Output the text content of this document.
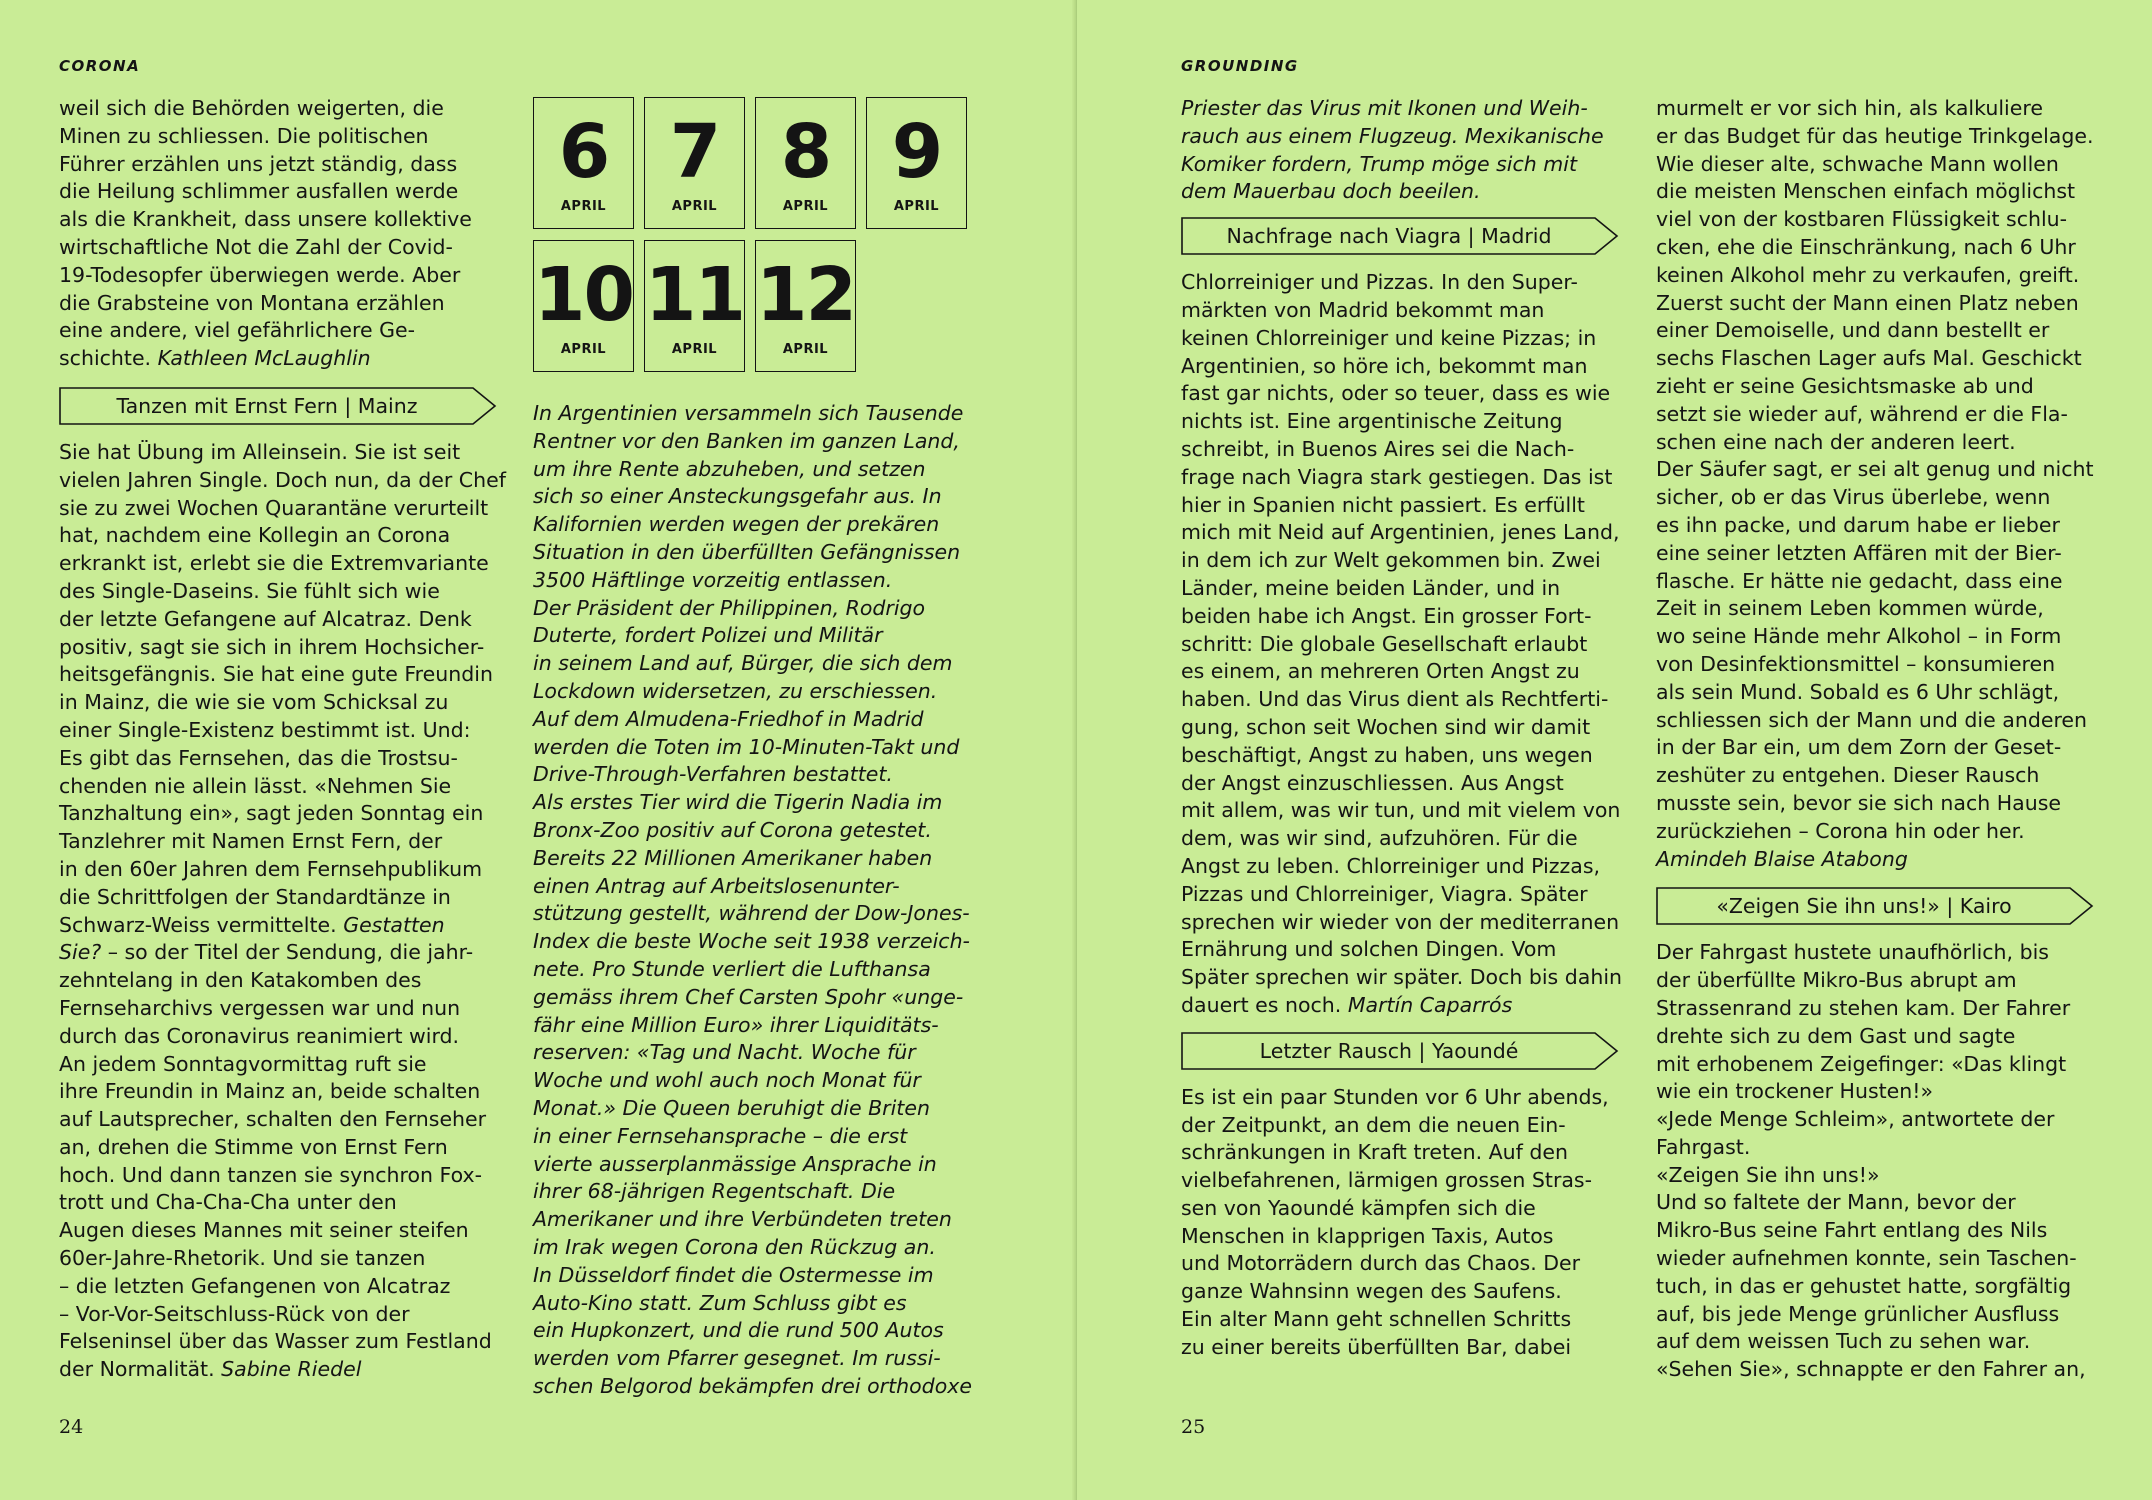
CORONA
weil sich die Behörden weigerten, die
Minen zu schliessen. Die politischen
Führer erzählen uns jetzt ständig, dass
die Heilung schlimmer ausfallen werde
als die Krankheit, dass unsere kollektive
wirtschaftliche Not die Zahl der Covid-
19-Todesopfer überwiegen werde. Aber
die Grabsteine von Montana erzählen
eine andere, viel gefährlichere Ge-
schichte. Kathleen McLaughlin
Tanzen mit Ernst Fern | Mainz
Sie hat Übung im Alleinsein. Sie ist seit
vielen Jahren Single. Doch nun, da der Chef
sie zu zwei Wochen Quarantäne verurteilt
hat, nachdem eine Kollegin an Corona
erkrankt ist, erlebt sie die Extremvariante
des Single-Daseins. Sie fühlt sich wie
der letzte Gefangene auf Alcatraz. Denk
positiv, sagt sie sich in ihrem Hochsicher-
heitsgefängnis. Sie hat eine gute Freundin
in Mainz, die wie sie vom Schicksal zu
einer Single-Existenz bestimmt ist. Und:
Es gibt das Fernsehen, das die Trostsu-
chenden nie allein lässt. «Nehmen Sie
Tanzhaltung ein», sagt jeden Sonntag ein
Tanzlehrer mit Namen Ernst Fern, der
in den 60er Jahren dem Fernsehpublikum
die Schrittfolgen der Standardtänze in
Schwarz-Weiss vermittelte. Gestatten
Sie? – so der Titel der Sendung, die jahr-
zehntelang in den Katakomben des
Fernseharchivs vergessen war und nun
durch das Coronavirus reanimiert wird.
An jedem Sonntagvormittag ruft sie
ihre Freundin in Mainz an, beide schalten
auf Lautsprecher, schalten den Fernseher
an, drehen die Stimme von Ernst Fern
hoch. Und dann tanzen sie synchron Fox-
trott und Cha-Cha-Cha unter den
Augen dieses Mannes mit seiner steifen
60er-Jahre-Rhetorik. Und sie tanzen
– die letzten Gefangenen von Alcatraz
– Vor-Vor-Seitschluss-Rück von der
Felseninsel über das Wasser zum Festland
der Normalität. Sabine Riedel
6
APRIL
7
APRIL
8
APRIL
9
APRIL
10
APRIL
11
APRIL
12
APRIL
In Argentinien versammeln sich Tausende
Rentner vor den Banken im ganzen Land,
um ihre Rente abzuheben, und setzen
sich so einer Ansteckungsgefahr aus. In
Kalifornien werden wegen der prekären
Situation in den überfüllten Gefängnissen
3500 Häftlinge vorzeitig entlassen.
Der Präsident der Philippinen, Rodrigo
Duterte, fordert Polizei und Militär
in seinem Land auf, Bürger, die sich dem
Lockdown widersetzen, zu erschiessen.
Auf dem Almudena-Friedhof in Madrid
werden die Toten im 10-Minuten-Takt und
Drive-Through-Verfahren bestattet.
Als erstes Tier wird die Tigerin Nadia im
Bronx-Zoo positiv auf Corona getestet.
Bereits 22 Millionen Amerikaner haben
einen Antrag auf Arbeitslosenunter-
stützung gestellt, während der Dow-Jones-
Index die beste Woche seit 1938 verzeich-
nete. Pro Stunde verliert die Lufthansa
gemäss ihrem Chef Carsten Spohr «unge-
fähr eine Million Euro» ihrer Liquiditäts-
reserven: «Tag und Nacht. Woche für
Woche und wohl auch noch Monat für
Monat.» Die Queen beruhigt die Briten
in einer Fernsehansprache – die erst
vierte ausserplanmässige Ansprache in
ihrer 68-jährigen Regentschaft. Die
Amerikaner und ihre Verbündeten treten
im Irak wegen Corona den Rückzug an.
In Düsseldorf findet die Ostermesse im
Auto-Kino statt. Zum Schluss gibt es
ein Hupkonzert, und die rund 500 Autos
werden vom Pfarrer gesegnet. Im russi-
schen Belgorod bekämpfen drei orthodoxe
24
GROUNDING
Priester das Virus mit Ikonen und Weih-
rauch aus einem Flugzeug. Mexikanische
Komiker fordern, Trump möge sich mit
dem Mauerbau doch beeilen.
Nachfrage nach Viagra | Madrid
Chlorreiniger und Pizzas. In den Super-
märkten von Madrid bekommt man
keinen Chlorreiniger und keine Pizzas; in
Argentinien, so höre ich, bekommt man
fast gar nichts, oder so teuer, dass es wie
nichts ist. Eine argentinische Zeitung
schreibt, in Buenos Aires sei die Nach-
frage nach Viagra stark gestiegen. Das ist
hier in Spanien nicht passiert. Es erfüllt
mich mit Neid auf Argentinien, jenes Land,
in dem ich zur Welt gekommen bin. Zwei
Länder, meine beiden Länder, und in
beiden habe ich Angst. Ein grosser Fort-
schritt: Die globale Gesellschaft erlaubt
es einem, an mehreren Orten Angst zu
haben. Und das Virus dient als Rechtferti-
gung, schon seit Wochen sind wir damit
beschäftigt, Angst zu haben, uns wegen
der Angst einzuschliessen. Aus Angst
mit allem, was wir tun, und mit vielem von
dem, was wir sind, aufzuhören. Für die
Angst zu leben. Chlorreiniger und Pizzas,
Pizzas und Chlorreiniger, Viagra. Später
sprechen wir wieder von der mediterranen
Ernährung und solchen Dingen. Vom
Später sprechen wir später. Doch bis dahin
dauert es noch. Martín Caparrós
Letzter Rausch | Yaoundé
Es ist ein paar Stunden vor 6 Uhr abends,
der Zeitpunkt, an dem die neuen Ein-
schränkungen in Kraft treten. Auf den
vielbefahrenen, lärmigen grossen Stras-
sen von Yaoundé kämpfen sich die
Menschen in klapprigen Taxis, Autos
und Motorrädern durch das Chaos. Der
ganze Wahnsinn wegen des Saufens.
Ein alter Mann geht schnellen Schritts
zu einer bereits überfüllten Bar, dabei
murmelt er vor sich hin, als kalkuliere
er das Budget für das heutige Trinkgelage.
Wie dieser alte, schwache Mann wollen
die meisten Menschen einfach möglichst
viel von der kostbaren Flüssigkeit schlu-
cken, ehe die Einschränkung, nach 6 Uhr
keinen Alkohol mehr zu verkaufen, greift.
Zuerst sucht der Mann einen Platz neben
einer Demoiselle, und dann bestellt er
sechs Flaschen Lager aufs Mal. Geschickt
zieht er seine Gesichtsmaske ab und
setzt sie wieder auf, während er die Fla-
schen eine nach der anderen leert.
Der Säufer sagt, er sei alt genug und nicht
sicher, ob er das Virus überlebe, wenn
es ihn packe, und darum habe er lieber
eine seiner letzten Affären mit der Bier-
flasche. Er hätte nie gedacht, dass eine
Zeit in seinem Leben kommen würde,
wo seine Hände mehr Alkohol – in Form
von Desinfektionsmittel – konsumieren
als sein Mund. Sobald es 6 Uhr schlägt,
schliessen sich der Mann und die anderen
in der Bar ein, um dem Zorn der Geset-
zeshüter zu entgehen. Dieser Rausch
musste sein, bevor sie sich nach Hause
zurückziehen – Corona hin oder her.
Amindeh Blaise Atabong
«Zeigen Sie ihn uns!» | Kairo
Der Fahrgast hustete unaufhörlich, bis
der überfüllte Mikro-Bus abrupt am
Strassenrand zu stehen kam. Der Fahrer
drehte sich zu dem Gast und sagte
mit erhobenem Zeigefinger: «Das klingt
wie ein trockener Husten!»
«Jede Menge Schleim», antwortete der
Fahrgast.
«Zeigen Sie ihn uns!»
Und so faltete der Mann, bevor der
Mikro-Bus seine Fahrt entlang des Nils
wieder aufnehmen konnte, sein Taschen-
tuch, in das er gehustet hatte, sorgfältig
auf, bis jede Menge grünlicher Ausfluss
auf dem weissen Tuch zu sehen war.
«Sehen Sie», schnappte er den Fahrer an,
25
